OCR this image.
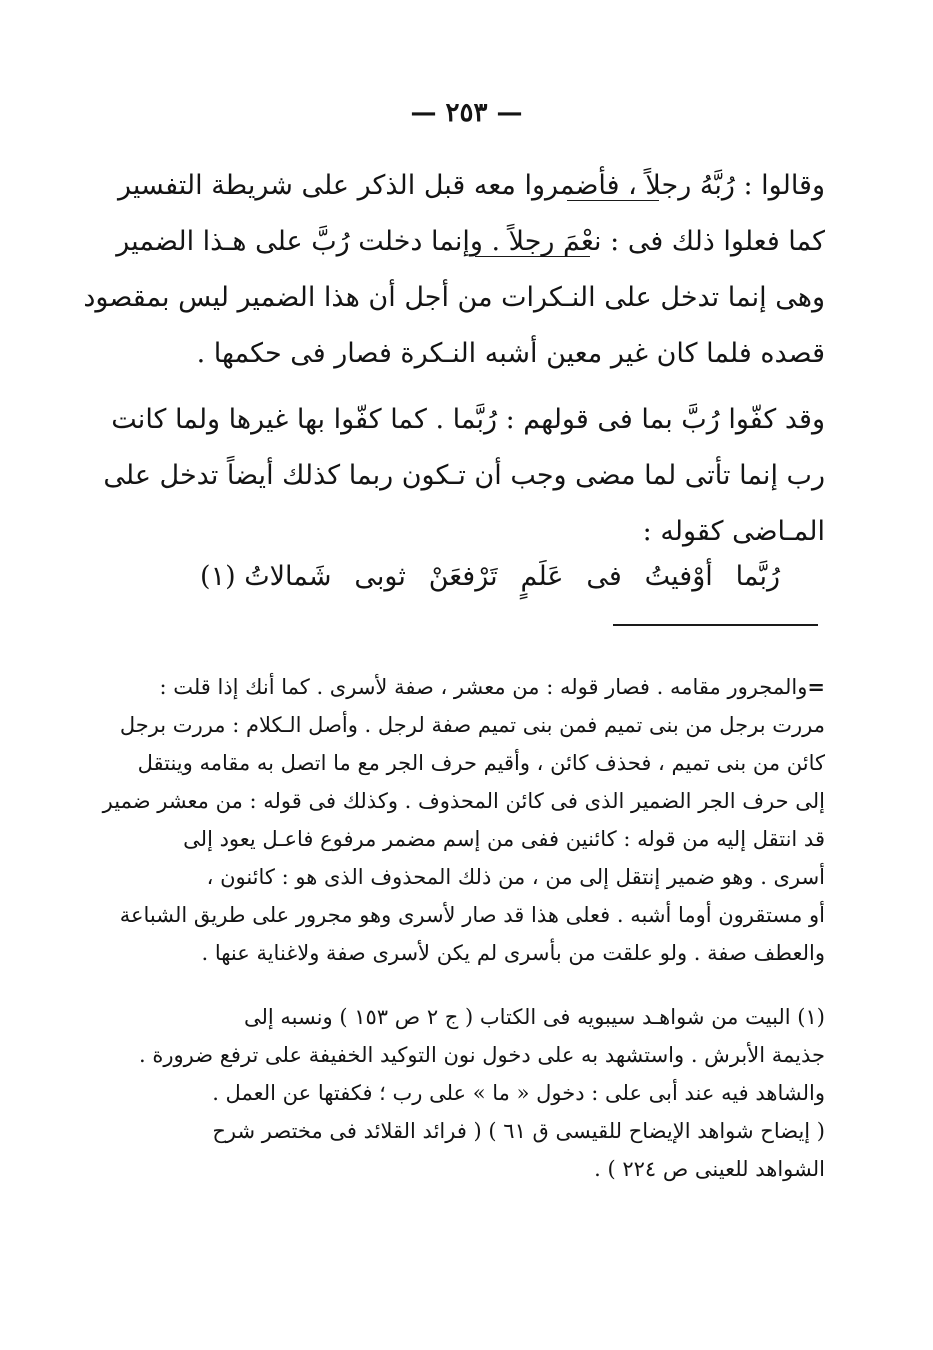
— ٢٥٣ —
وقالوا : رُبَّهُ رجلاً ، فأضمروا معه قبل الذكر على شريطة التفسير
كما فعلوا ذلك فى : نعْمَ رجلاً . وإنما دخلت رُبَّ على هـذا الضمير
وهى إنما تدخل على النـكرات من أجل أن هذا الضمير ليس بمقصود
قصده فلما كان غير معين أشبه النـكرة فصار فى حكمها .
وقد كفّوا رُبَّ بما فى قولهم : رُبَّما . كما كفّوا بها غيرها ولما كانت
رب إنما تأتى لما مضى وجب أن تـكون ربما كذلك أيضاً تدخل على
المـاضى كقوله :
رُبَّما
أوْفيتُ
فى
عَلَمٍ
تَرْفعَنْ
ثوبى
شَمالاتُ (١)
=والمجرور مقامه . فصار قوله : من معشر ، صفة لأسرى . كما أنك إذا قلت :
مررت برجل من بنى تميم فمن بنى تميم صفة لرجل . وأصل الـكلام : مررت برجل
كائن من بنى تميم ، فحذف كائن ، وأقيم حرف الجر مع ما اتصل به مقامه وينتقل
إلى حرف الجر الضمير الذى فى كائن المحذوف . وكذلك فى قوله : من معشر ضمير
قد انتقل إليه من قوله : كائنين ففى من إسم مضمر مرفوع فاعـل يعود إلى
أسرى . وهو ضمير إنتقل إلى من ، من ذلك المحذوف الذى هو : كائنون ،
أو مستقرون أوما أشبه . فعلى هذا قد صار لأسرى وهو مجرور على طريق الشباعة
والعطف صفة . ولو علقت من بأسرى لم يكن لأسرى صفة ولاغناية عنها .
(١) البيت من شواهـد سيبويه فى الكتاب ( ج ٢ ص ١٥٣ ) ونسبه إلى
جذيمة الأبرش . واستشهد به على دخول نون التوكيد الخفيفة على ترفع ضرورة .
والشاهد فيه عند أبى على : دخول « ما » على رب ؛ فكفتها عن العمل .
( إيضاح شواهد الإيضاح للقيسى ق ٦١ ) ( فرائد القلائد فى مختصر شرح
الشواهد للعينى ص ٢٢٤ ) .
